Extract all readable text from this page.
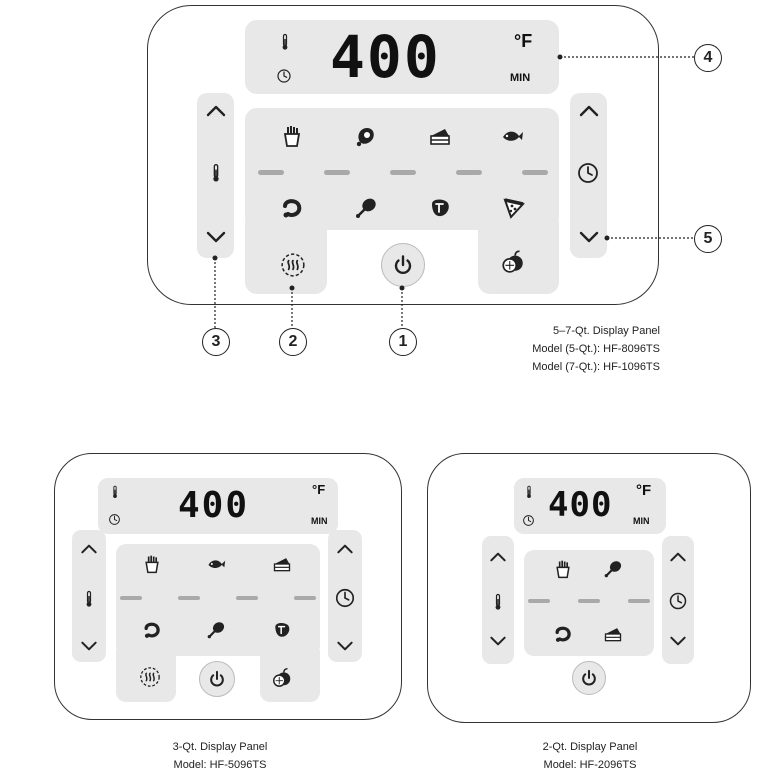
400	°F
MIN
4
5
3	2	1
5–7-Qt. Display Panel
Model (5-Qt.): HF-8096TS
Model (7-Qt.): HF-1096TS
400	°F
MIN
3-Qt. Display Panel
Model: HF-5096TS
400 °F
MIN
2-Qt. Display Panel
Model: HF-2096TS
